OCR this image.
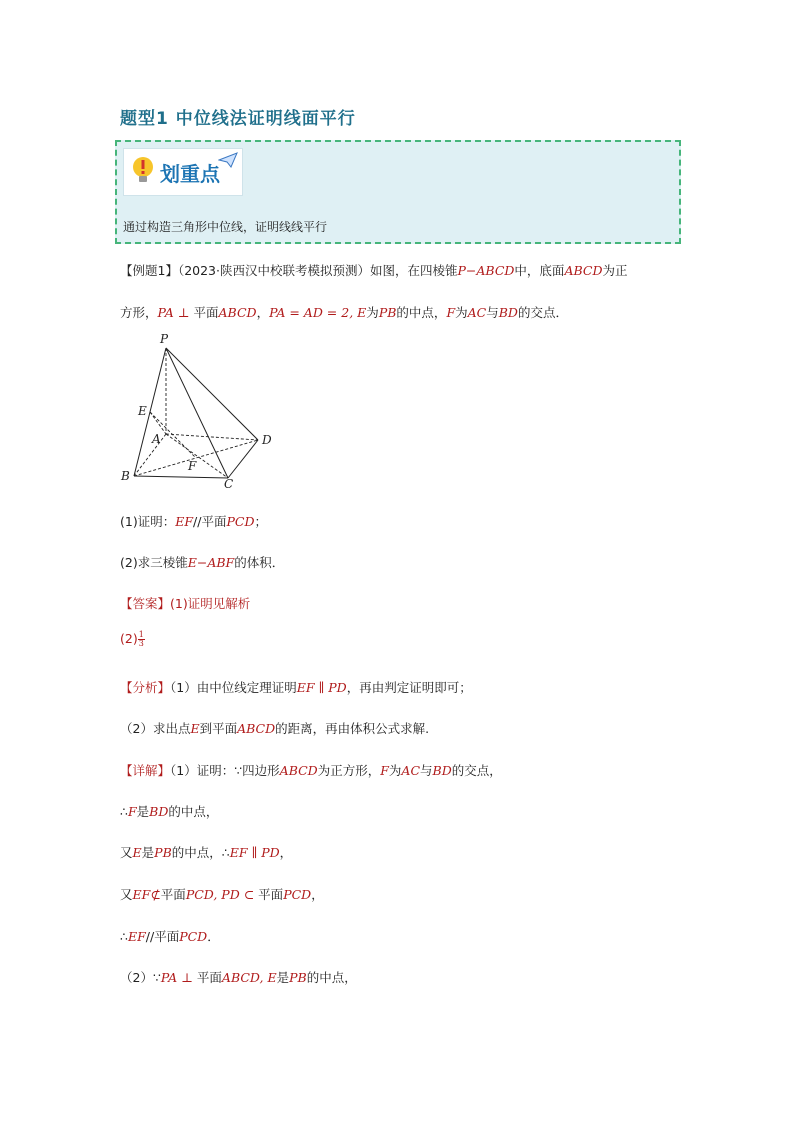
题型1 中位线法证明线面平行
划重点
通过构造三角形中位线，证明线线平行
【例题1】（2023·陕西汉中校联考模拟预测）如图，在四棱锥P−ABCD中，底面ABCD为正
方形，PA ⊥ 平面ABCD，PA = AD = 2, E为PB的中点，F为AC与BD的交点．
P
E
A	D
F
B
C
(1)证明：EF//平面PCD；
(2)求三棱锥E−ABF的体积．
【答案】(1)证明见解析
$(2) \frac{1}{3}$
【分析】（1）由中位线定理证明EF ∥ PD，再由判定证明即可；
（2）求出点E到平面ABCD的距离，再由体积公式求解.
【详解】（1）证明：∵四边形ABCD为正方形，F为AC与BD的交点，
∴F是BD的中点，
又E是PB的中点，∴EF ∥ PD，
又EF⊄平面PCD, PD ⊂ 平面PCD，
∴EF//平面PCD．
（2）∵PA ⊥ 平面ABCD, E是PB的中点，
